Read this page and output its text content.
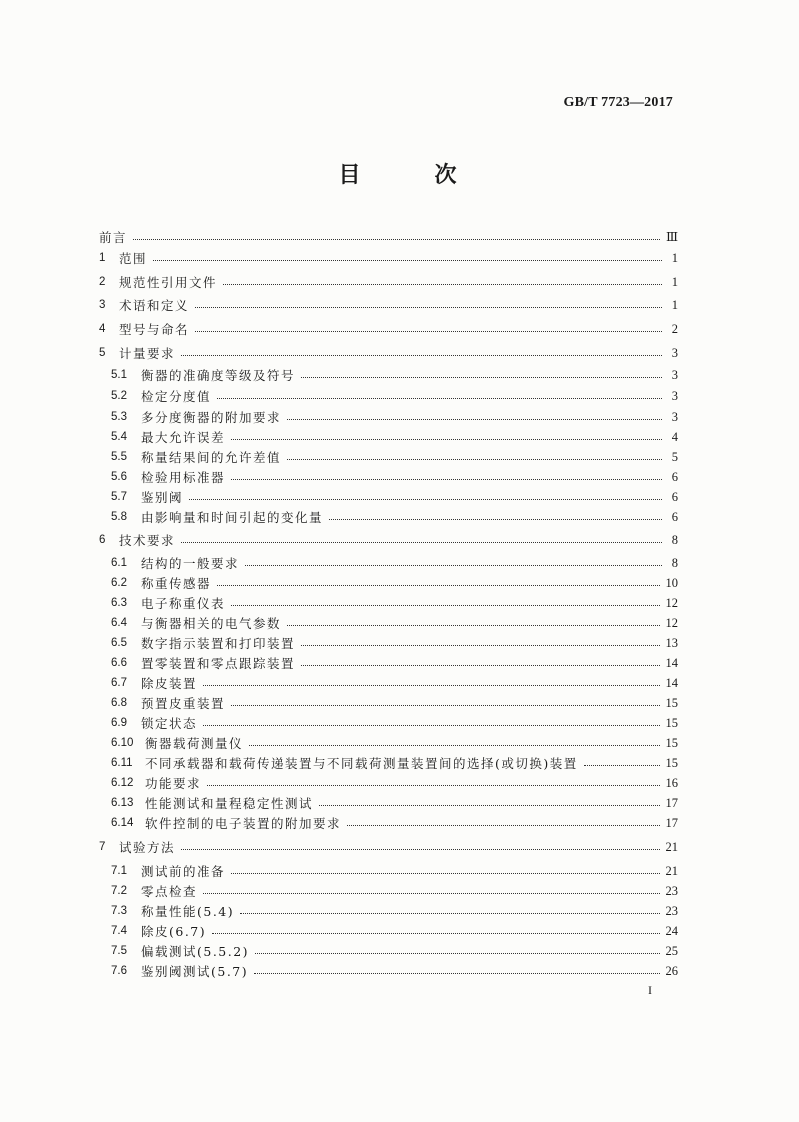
GB/T 7723—2017
目　次
前言	Ⅲ
1	范围	1
2	规范性引用文件	1
3	术语和定义	1
4	型号与命名	2
5	计量要求	3
5.1	衡器的准确度等级及符号	3
5.2	检定分度值	3
5.3	多分度衡器的附加要求	3
5.4	最大允许误差	4
5.5	称量结果间的允许差值	5
5.6	检验用标准器	6
5.7	鉴别阈	6
5.8	由影响量和时间引起的变化量	6
6	技术要求	8
6.1	结构的一般要求	8
6.2	称重传感器	10
6.3	电子称重仪表	12
6.4	与衡器相关的电气参数	12
6.5	数字指示装置和打印装置	13
6.6	置零装置和零点跟踪装置	14
6.7	除皮装置	14
6.8	预置皮重装置	15
6.9	锁定状态	15
6.10 衡器载荷测量仪	15
6.11 不同承载器和载荷传递装置与不同载荷测量装置间的选择(或切换)装置	15
6.12 功能要求	16
6.13 性能测试和量程稳定性测试	17
6.14 软件控制的电子装置的附加要求	17
7	试验方法	21
7.1	测试前的准备	21
7.2	零点检查	23
7.3	称量性能(5.4)	23
7.4	除皮(6.7)	24
7.5	偏载测试(5.5.2)	25
7.6	鉴别阈测试(5.7)	26
I
